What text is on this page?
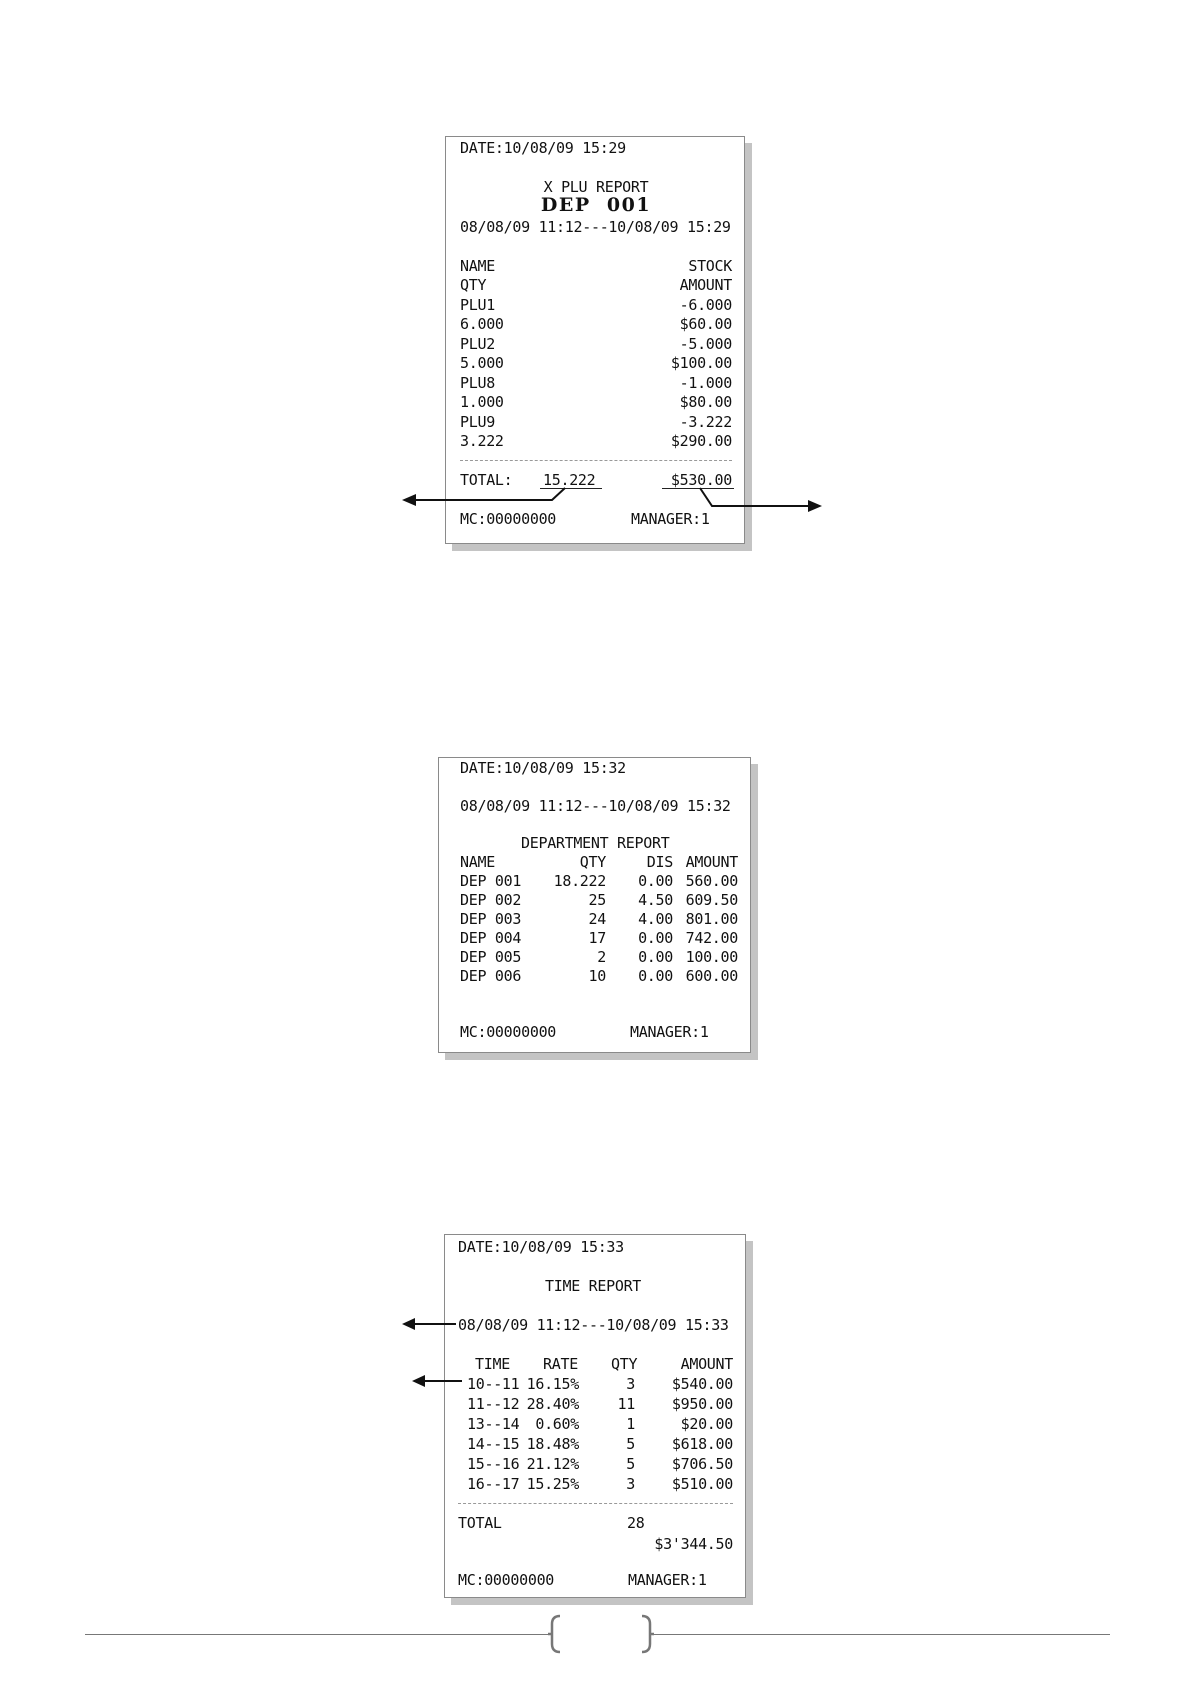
DATE:10/08/09 15:29
X PLU REPORT
DEP  001
08/08/09 11:12---10/08/09 15:29
NAME	STOCK
QTY	AMOUNT
PLU1	-6.000
6.000	$60.00
PLU2	-5.000
5.000	$100.00
PLU8	-1.000
1.000	$80.00
PLU9	-3.222
3.222	$290.00
TOTAL: 15.222	$530.00
MC:00000000	MANAGER:1
DATE:10/08/09 15:32
08/08/09 11:12---10/08/09 15:32
DEPARTMENT REPORT
NAME	QTY	DIS AMOUNT
DEP 001 18.222 0.00 560.00
DEP 002	25 4.50 609.50
DEP 003	24 4.00 801.00
DEP 004	17 0.00 742.00
DEP 005	2 0.00 100.00
DEP 006	10 0.00 600.00
MC:00000000	MANAGER:1
DATE:10/08/09 15:33
TIME REPORT
08/08/09 11:12---10/08/09 15:33
TIME RATE QTY	AMOUNT
10--11 16.15%	3 $540.00
11--12 28.40%	11 $950.00
13--14 0.60%	1	$20.00
14--15 18.48%	5 $618.00
15--16 21.12%	5 $706.50
16--17 15.25%	3 $510.00
TOTAL	28
$3'344.50
MC:00000000	MANAGER:1
